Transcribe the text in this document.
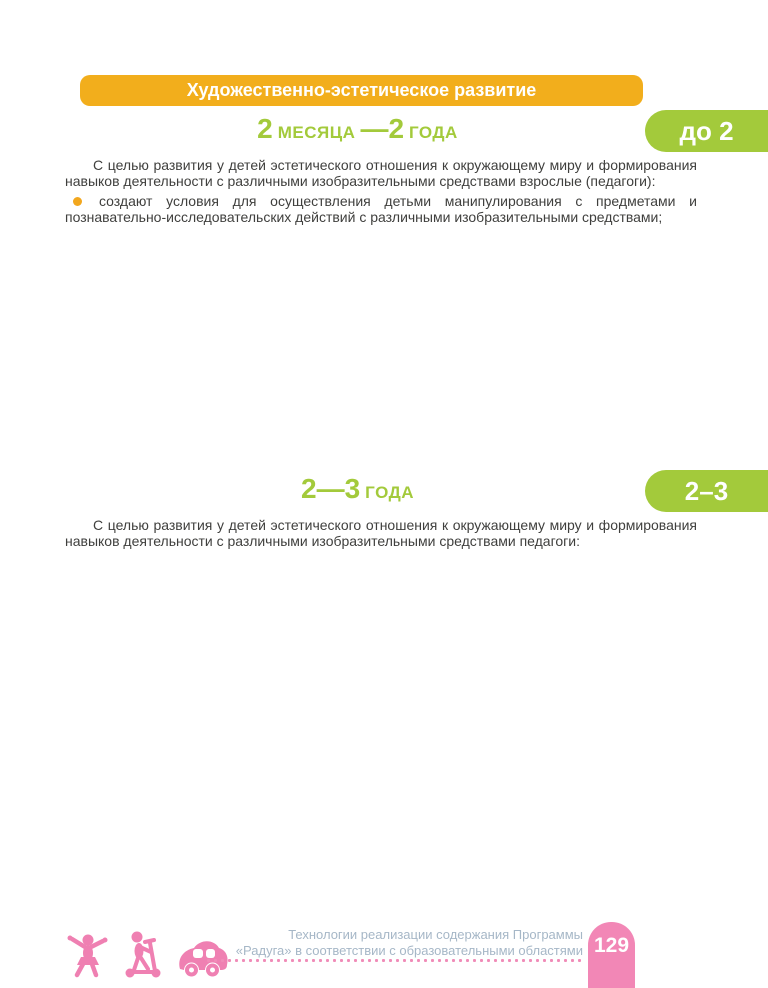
Художественно-эстетическое развитие
2 МЕСЯЦА —2 ГОДА	до 2

С целью развития у детей эстетического отношения к окружающему миру и формирования навыков деятельности с различными изобразительными средствами взрослые (педагоги):

создают условия для осуществления детьми манипулирования с предметами и познавательно-исследовательских действий с различными изобразительными средствами;
2—3 ГОДА	2–3

С целью развития у детей эстетического отношения к окружающему миру и формирования навыков деятельности с различными изобразительными средствами педагоги:

Технологии реализации содержания Программы
«Радуга» в соответствии с образовательными областями 129
